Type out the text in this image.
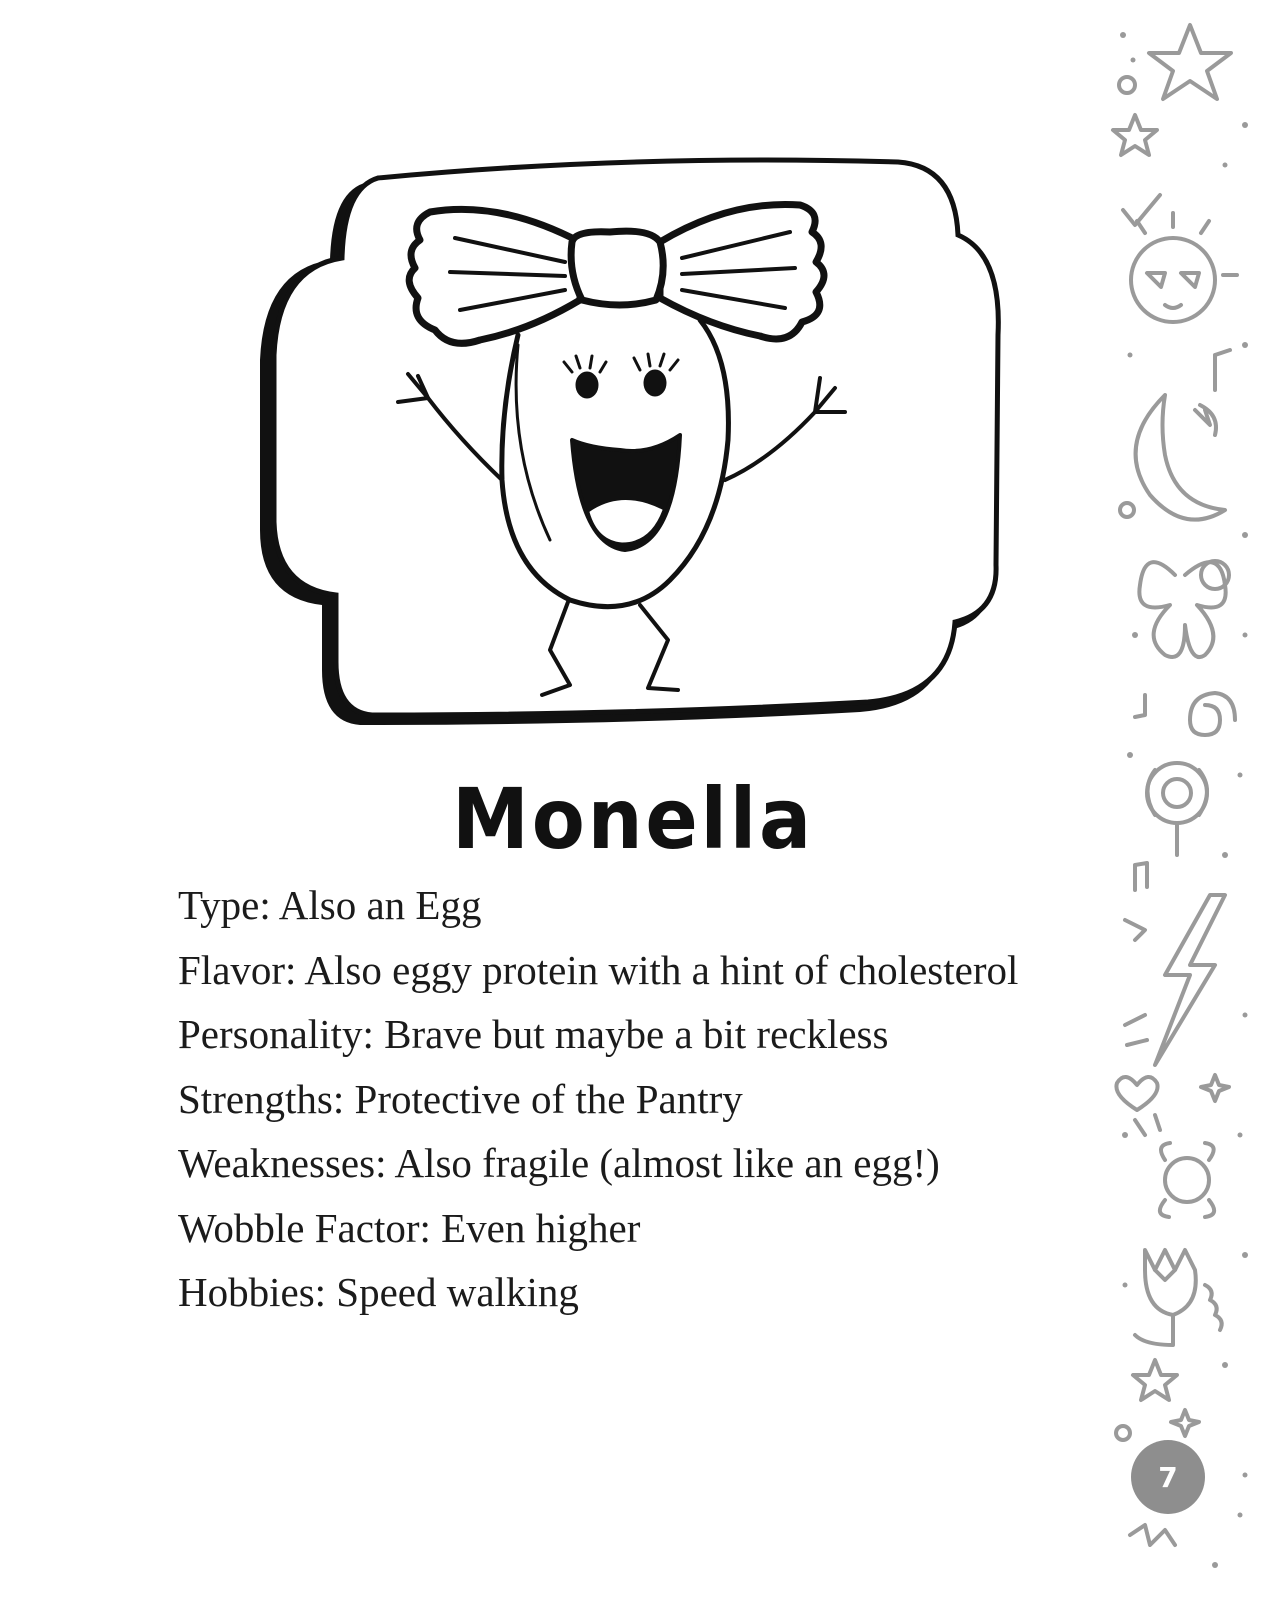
Monella
Type: Also an Egg
Flavor: Also eggy protein with a hint of cholesterol
Personality: Brave but maybe a bit reckless
Strengths: Protective of the Pantry
Weaknesses: Also fragile (almost like an egg!)
Wobble Factor: Even higher
Hobbies: Speed walking
7
